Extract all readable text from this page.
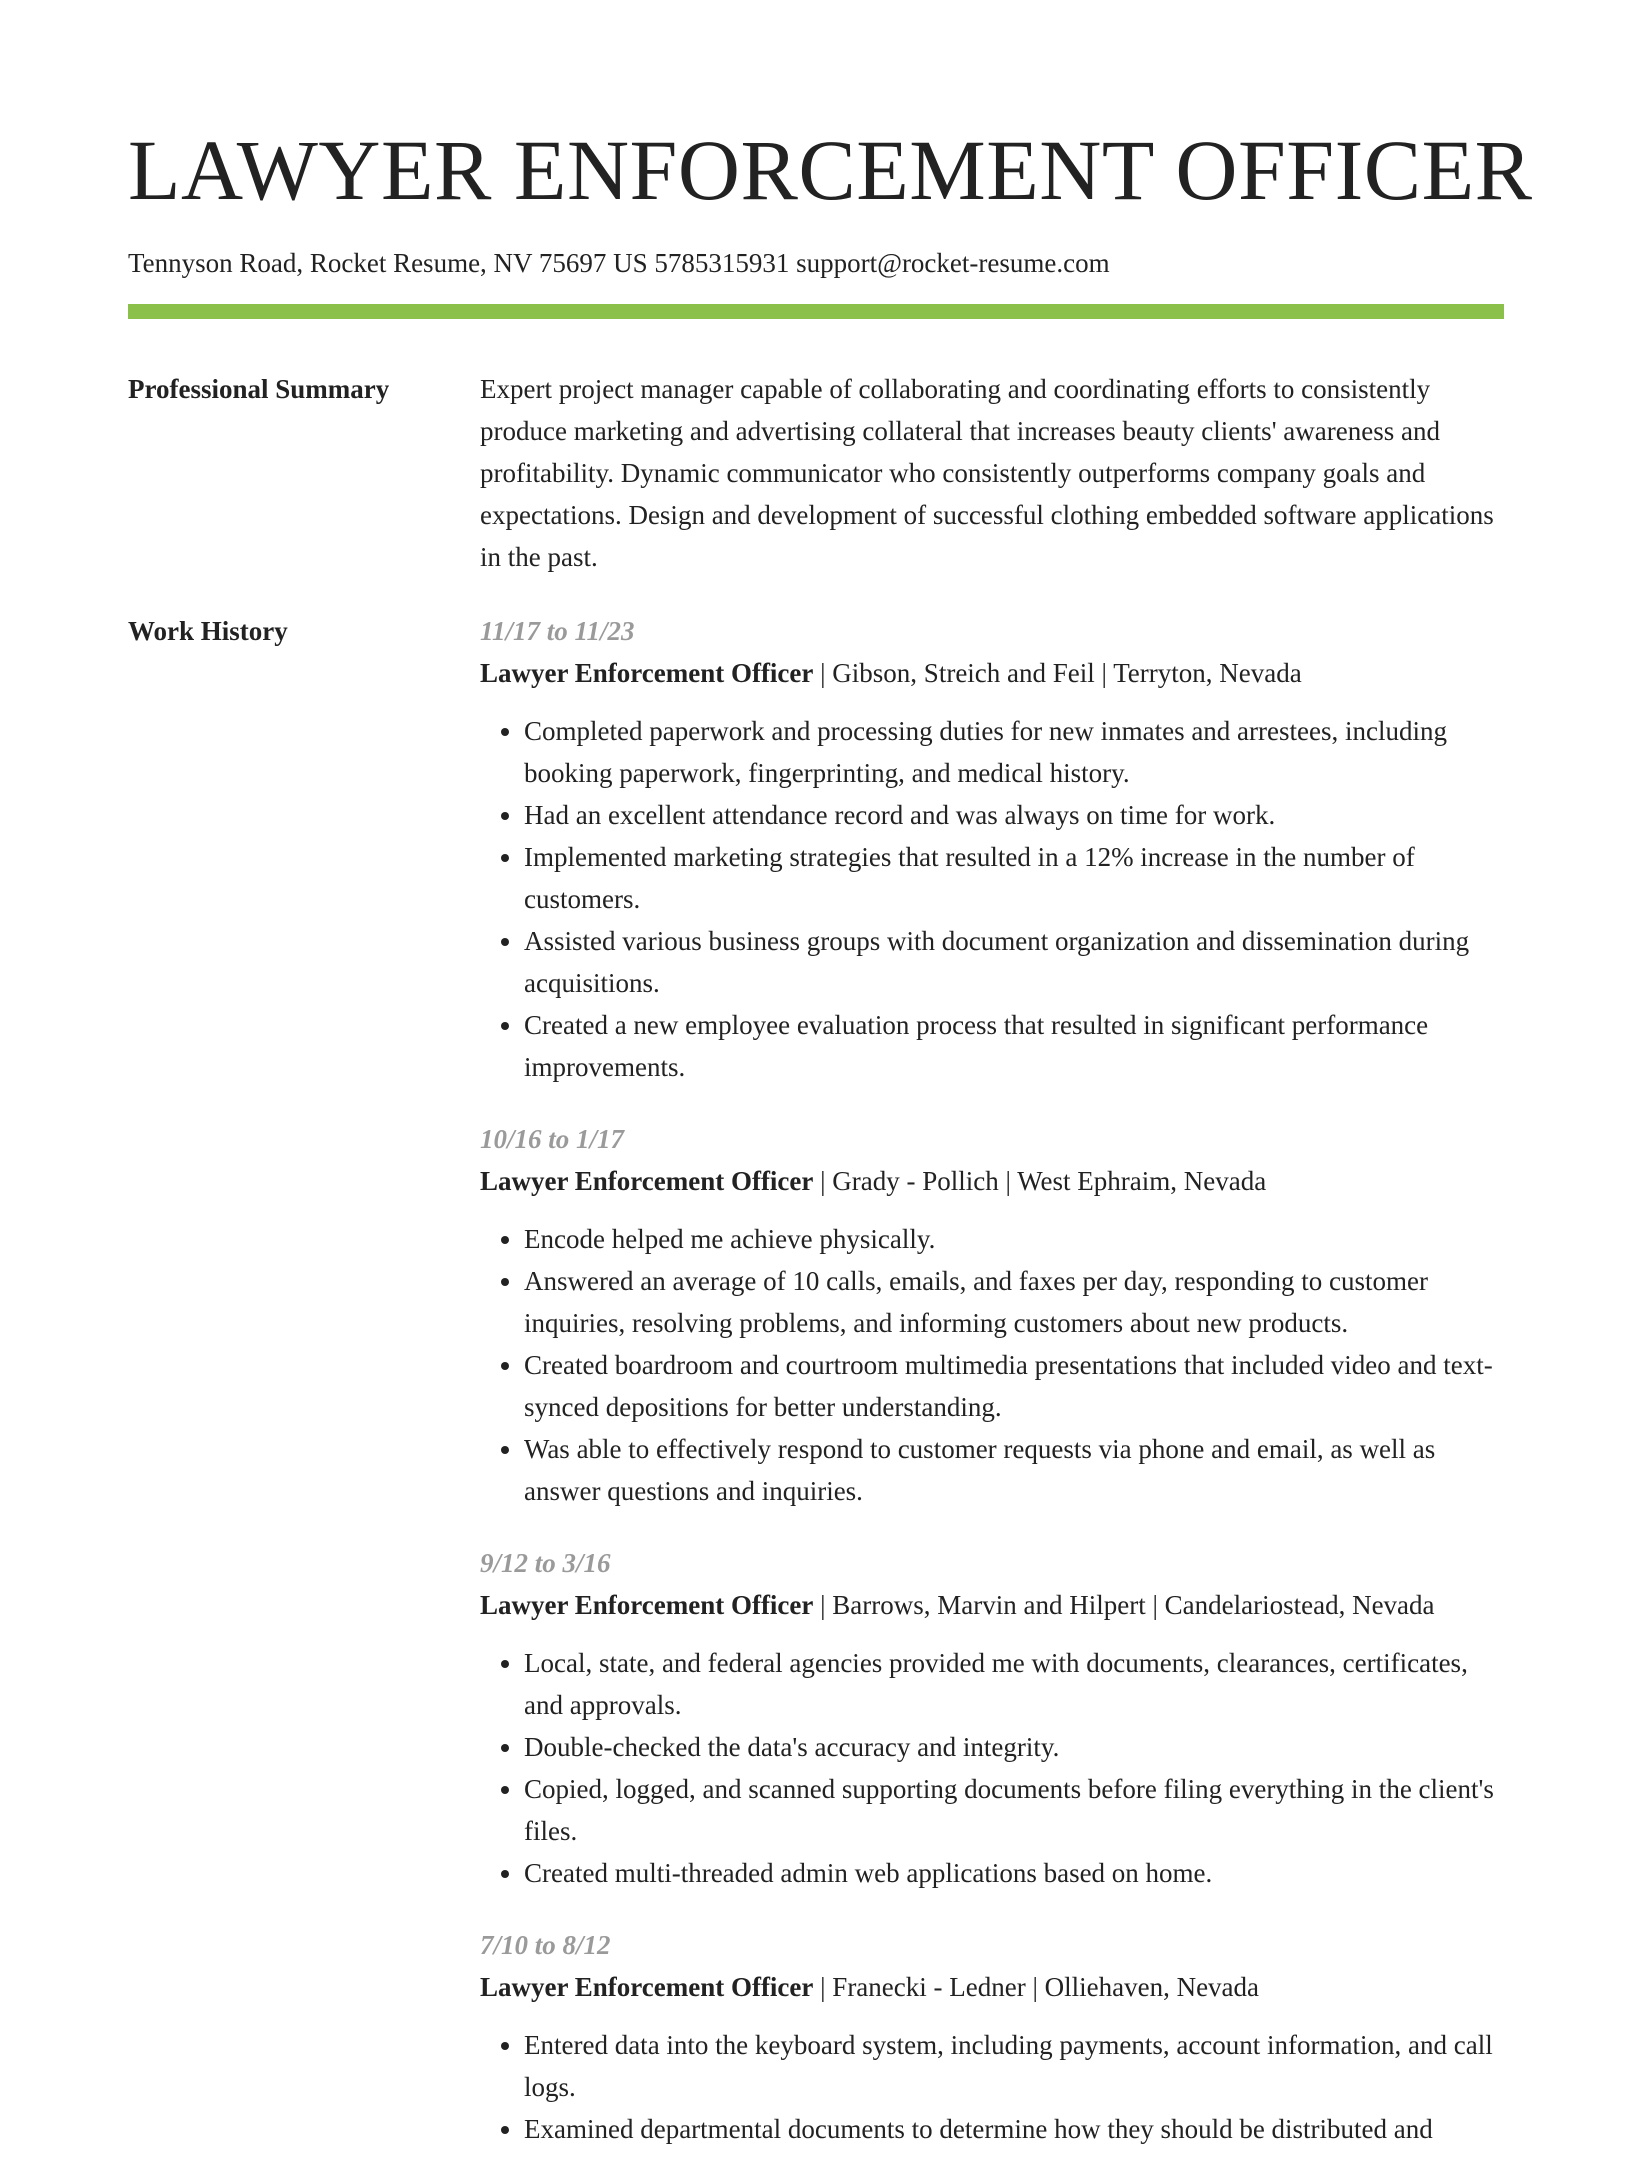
LAWYER ENFORCEMENT OFFICER
Tennyson Road, Rocket Resume, NV 75697 US 5785315931 support@rocket-resume.com
Professional Summary	Expert project manager capable of collaborating and coordinating efforts to consistently produce marketing and advertising collateral that increases beauty clients' awareness and profitability. Dynamic communicator who consistently outperforms company goals and expectations. Design and development of successful clothing embedded software applications in the past.
Work History	11/17 to 11/23
Lawyer Enforcement Officer | Gibson, Streich and Feil | Terryton, Nevada
• Completed paperwork and processing duties for new inmates and arrestees, including booking paperwork, fingerprinting, and medical history.
• Had an excellent attendance record and was always on time for work.
• Implemented marketing strategies that resulted in a 12% increase in the number of customers.
• Assisted various business groups with document organization and dissemination during acquisitions.
• Created a new employee evaluation process that resulted in significant performance improvements.
10/16 to 1/17
Lawyer Enforcement Officer | Grady - Pollich | West Ephraim, Nevada
• Encode helped me achieve physically.
• Answered an average of 10 calls, emails, and faxes per day, responding to customer inquiries, resolving problems, and informing customers about new products.
• Created boardroom and courtroom multimedia presentations that included video and text-synced depositions for better understanding.
• Was able to effectively respond to customer requests via phone and email, as well as answer questions and inquiries.
9/12 to 3/16
Lawyer Enforcement Officer | Barrows, Marvin and Hilpert | Candelariostead, Nevada
• Local, state, and federal agencies provided me with documents, clearances, certificates, and approvals.
• Double-checked the data's accuracy and integrity.
• Copied, logged, and scanned supporting documents before filing everything in the client's files.
• Created multi-threaded admin web applications based on home.
7/10 to 8/12
Lawyer Enforcement Officer | Franecki - Ledner | Olliehaven, Nevada
• Entered data into the keyboard system, including payments, account information, and call logs.
• Examined departmental documents to determine how they should be distributed and
